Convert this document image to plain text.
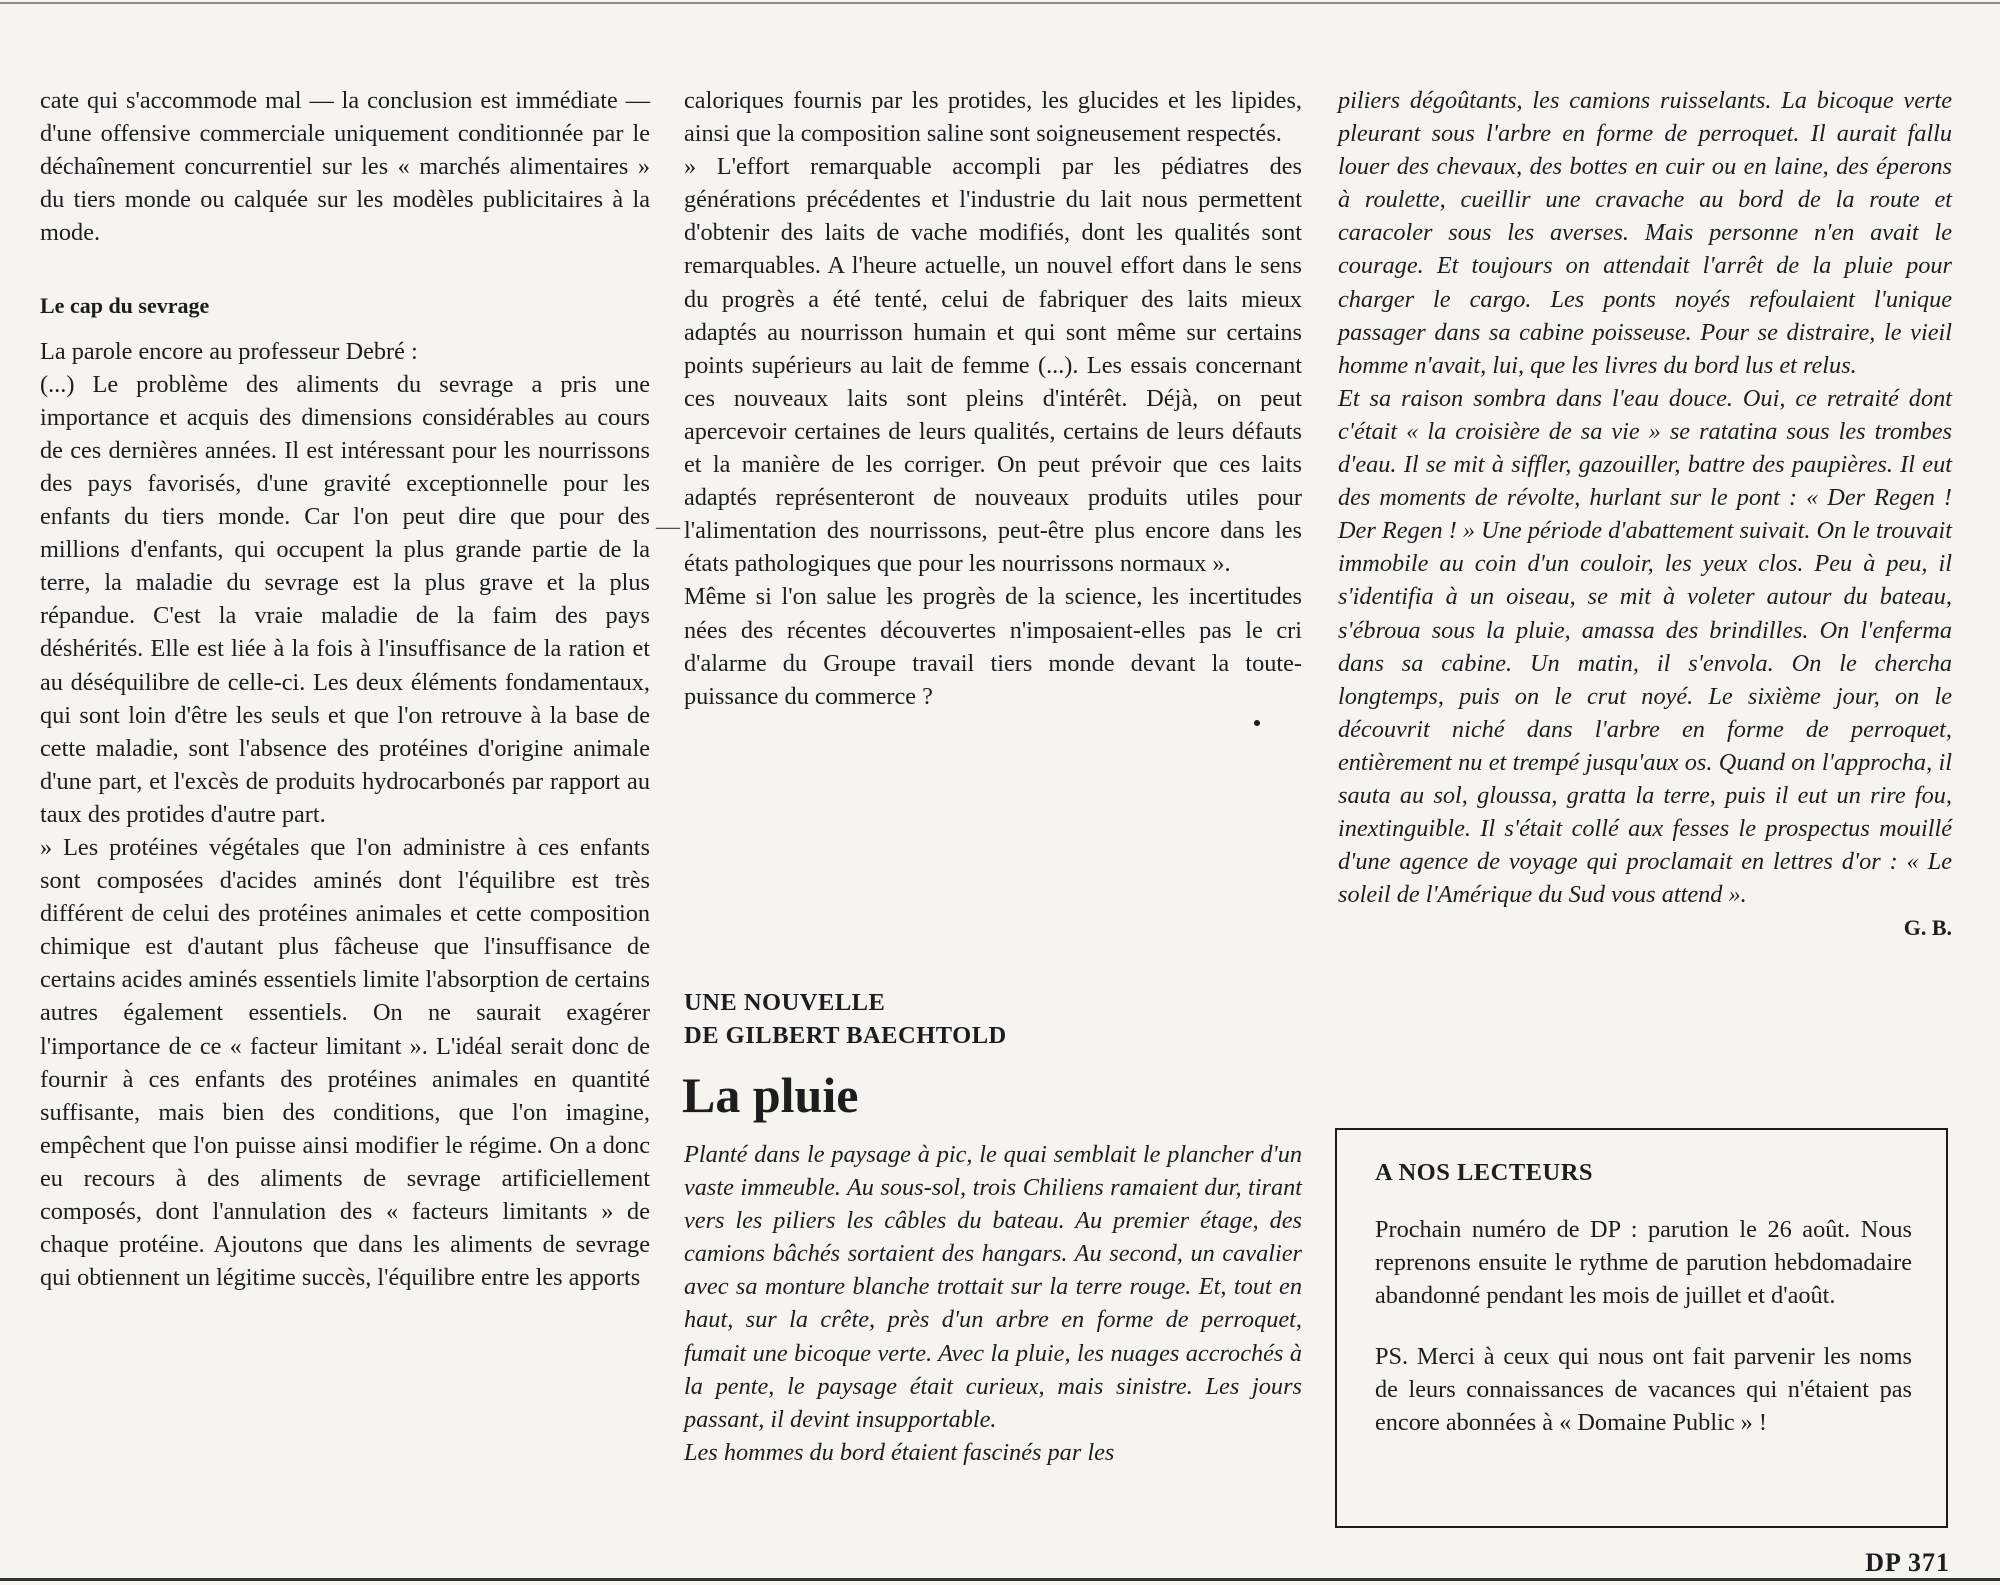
cate qui s'accommode mal — la conclusion est immédiate — d'une offensive commerciale uniquement conditionnée par le déchaînement concurrentiel sur les « marchés alimentaires » du tiers monde ou calquée sur les modèles publicitaires à la mode.

Le cap du sevrage

La parole encore au professeur Debré :

(...) Le problème des aliments du sevrage a pris une importance et acquis des dimensions considérables au cours de ces dernières années. Il est intéressant pour les nourrissons des pays favorisés, d'une gravité exceptionnelle pour les enfants du tiers monde. Car l'on peut dire que pour des millions d'enfants, qui occupent la plus grande partie de la terre, la maladie du sevrage est la plus grave et la plus répandue. C'est la vraie maladie de la faim des pays déshérités. Elle est liée à la fois à l'insuffisance de la ration et au déséquilibre de celle-ci. Les deux éléments fondamentaux, qui sont loin d'être les seuls et que l'on retrouve à la base de cette maladie, sont l'absence des protéines d'origine animale d'une part, et l'excès de produits hydrocarbonés par rapport au taux des protides d'autre part.

» Les protéines végétales que l'on administre à ces enfants sont composées d'acides aminés dont l'équilibre est très différent de celui des protéines animales et cette composition chimique est d'autant plus fâcheuse que l'insuffisance de certains acides aminés essentiels limite l'absorption de certains autres également essentiels. On ne saurait exagérer l'importance de ce « facteur limitant ». L'idéal serait donc de fournir à ces enfants des protéines animales en quantité suffisante, mais bien des conditions, que l'on imagine, empêchent que l'on puisse ainsi modifier le régime. On a donc eu recours à des aliments de sevrage artificiellement composés, dont l'annulation des « facteurs limitants » de chaque protéine. Ajoutons que dans les aliments de sevrage qui obtiennent un légitime succès, l'équilibre entre les apports

—

caloriques fournis par les protides, les glucides et les lipides, ainsi que la composition saline sont soigneusement respectés.

» L'effort remarquable accompli par les pédiatres des générations précédentes et l'industrie du lait nous permettent d'obtenir des laits de vache modifiés, dont les qualités sont remarquables. A l'heure actuelle, un nouvel effort dans le sens du progrès a été tenté, celui de fabriquer des laits mieux adaptés au nourrisson humain et qui sont même sur certains points supérieurs au lait de femme (...). Les essais concernant ces nouveaux laits sont pleins d'intérêt. Déjà, on peut apercevoir certaines de leurs qualités, certains de leurs défauts et la manière de les corriger. On peut prévoir que ces laits adaptés représenteront de nouveaux produits utiles pour l'alimentation des nourrissons, peut-être plus encore dans les états pathologiques que pour les nourrissons normaux ».

Même si l'on salue les progrès de la science, les incertitudes nées des récentes découvertes n'imposaient-elles pas le cri d'alarme du Groupe travail tiers monde devant la toute-puissance du commerce ?

UNE NOUVELLE
DE GILBERT BAECHTOLD
La pluie

Planté dans le paysage à pic, le quai semblait le plancher d'un vaste immeuble. Au sous-sol, trois Chiliens ramaient dur, tirant vers les piliers les câbles du bateau. Au premier étage, des camions bâchés sortaient des hangars. Au second, un cavalier avec sa monture blanche trottait sur la terre rouge. Et, tout en haut, sur la crête, près d'un arbre en forme de perroquet, fumait une bicoque verte. Avec la pluie, les nuages accrochés à la pente, le paysage était curieux, mais sinistre. Les jours passant, il devint insupportable.

Les hommes du bord étaient fascinés par les

piliers dégoûtants, les camions ruisselants. La bicoque verte pleurant sous l'arbre en forme de perroquet. Il aurait fallu louer des chevaux, des bottes en cuir ou en laine, des éperons à roulette, cueillir une cravache au bord de la route et caracoler sous les averses. Mais personne n'en avait le courage. Et toujours on attendait l'arrêt de la pluie pour charger le cargo. Les ponts noyés refoulaient l'unique passager dans sa cabine poisseuse. Pour se distraire, le vieil homme n'avait, lui, que les livres du bord lus et relus.

Et sa raison sombra dans l'eau douce. Oui, ce retraité dont c'était « la croisière de sa vie » se ratatina sous les trombes d'eau. Il se mit à siffler, gazouiller, battre des paupières. Il eut des moments de révolte, hurlant sur le pont : « Der Regen ! Der Regen ! » Une période d'abattement suivait. On le trouvait immobile au coin d'un couloir, les yeux clos. Peu à peu, il s'identifia à un oiseau, se mit à voleter autour du bateau, s'ébroua sous la pluie, amassa des brindilles. On l'enferma dans sa cabine. Un matin, il s'envola. On le chercha longtemps, puis on le crut noyé. Le sixième jour, on le découvrit niché dans l'arbre en forme de perroquet, entièrement nu et trempé jusqu'aux os. Quand on l'approcha, il sauta au sol, gloussa, gratta la terre, puis il eut un rire fou, inextinguible. Il s'était collé aux fesses le prospectus mouillé d'une agence de voyage qui proclamait en lettres d'or : « Le soleil de l'Amérique du Sud vous attend ».

G. B.

A NOS LECTEURS

Prochain numéro de DP : parution le 26 août. Nous reprenons ensuite le rythme de parution hebdomadaire abandonné pendant les mois de juillet et d'août.

PS. Merci à ceux qui nous ont fait parvenir les noms de leurs connaissances de vacances qui n'étaient pas encore abonnées à « Domaine Public » !

DP 371
